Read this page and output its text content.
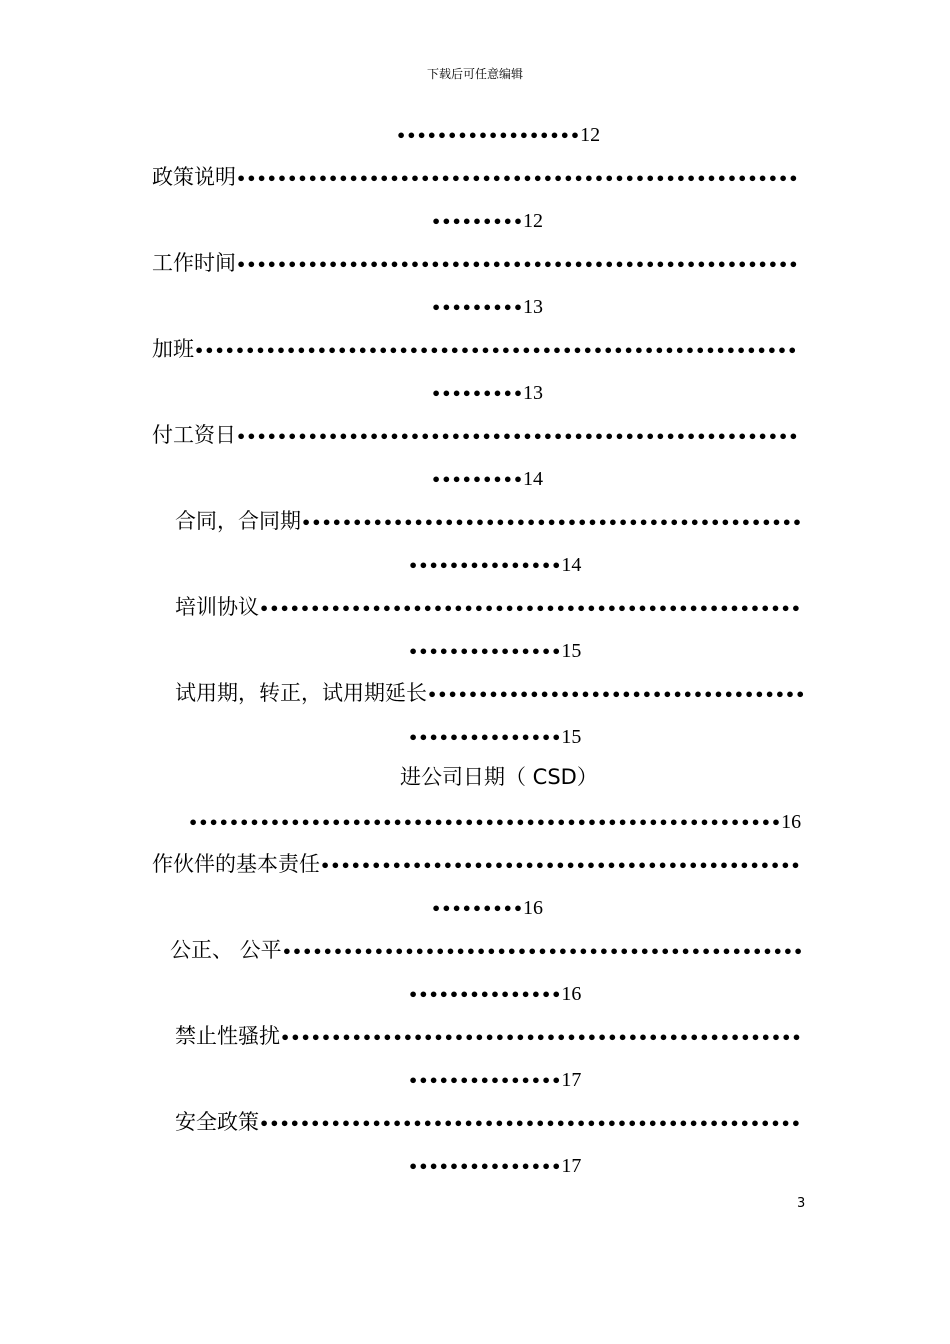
下载后可任意编辑
••••••••••••••••••12
政策说明•••••••••••••••••••••••••••••••••••••••••••••••••••••••
•••••••••12
工作时间•••••••••••••••••••••••••••••••••••••••••••••••••••••••
•••••••••13
加班•••••••••••••••••••••••••••••••••••••••••••••••••••••••••••
•••••••••13
付工资日•••••••••••••••••••••••••••••••••••••••••••••••••••••••
•••••••••14
合同，合同期•••••••••••••••••••••••••••••••••••••••••••••••••
•••••••••••••••14
培训协议•••••••••••••••••••••••••••••••••••••••••••••••••••••
•••••••••••••••15
试用期，转正，试用期延长•••••••••••••••••••••••••••••••••••••
•••••••••••••••15
进公司日期（ CSD）
••••••••••••••••••••••••••••••••••••••••••••••••••••••••••16
作伙伴的基本责任•••••••••••••••••••••••••••••••••••••••••••••••
•••••••••16
公正、 公平•••••••••••••••••••••••••••••••••••••••••••••••••••
•••••••••••••••16
禁止性骚扰•••••••••••••••••••••••••••••••••••••••••••••••••••
•••••••••••••••17
安全政策•••••••••••••••••••••••••••••••••••••••••••••••••••••
•••••••••••••••17
3
